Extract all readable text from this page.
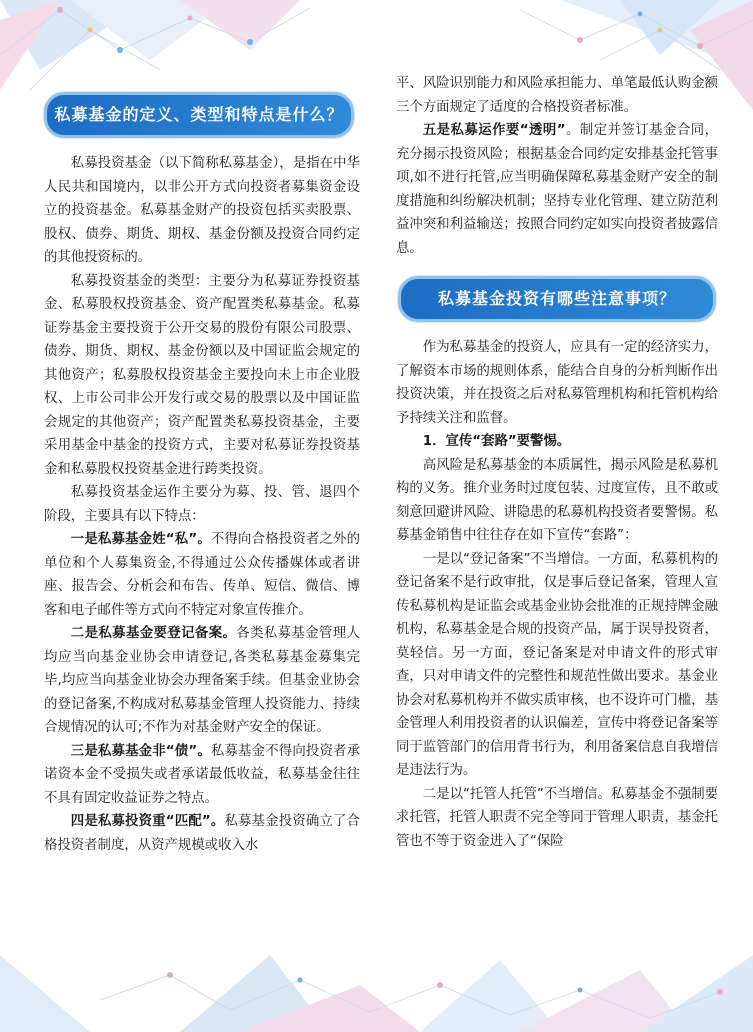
私募基金的定义、类型和特点是什么？

私募投资基金（以下简称私募基金），是指在中华人民共和国境内，以非公开方式向投资者募集资金设立的投资基金。私募基金财产的投资包括买卖股票、股权、债券、期货、期权、基金份额及投资合同约定的其他投资标的。

私募投资基金的类型：主要分为私募证券投资基金、私募股权投资基金、资产配置类私募基金。私募证券基金主要投资于公开交易的股份有限公司股票、债券、期货、期权、基金份额以及中国证监会规定的其他资产；私募股权投资基金主要投向未上市企业股权、上市公司非公开发行或交易的股票以及中国证监会规定的其他资产；资产配置类私募投资基金，主要采用基金中基金的投资方式，主要对私募证券投资基金和私募股权投资基金进行跨类投资。

私募投资基金运作主要分为募、投、管、退四个阶段，主要具有以下特点：

一是私募基金姓“私”。不得向合格投资者之外的单位和个人募集资金,不得通过公众传播媒体或者讲座、报告会、分析会和布告、传单、短信、微信、博客和电子邮件等方式向不特定对象宣传推介。

二是私募基金要登记备案。各类私募基金管理人均应当向基金业协会申请登记,各类私募基金募集完毕,均应当向基金业协会办理备案手续。但基金业协会的登记备案,不构成对私募基金管理人投资能力、持续合规情况的认可;不作为对基金财产安全的保证。

三是私募基金非“债”。私募基金不得向投资者承诺资本金不受损失或者承诺最低收益，私募基金往往不具有固定收益证券之特点。

四是私募投资重“匹配”。私募基金投资确立了合格投资者制度，从资产规模或收入水

平、风险识别能力和风险承担能力、单笔最低认购金额三个方面规定了适度的合格投资者标准。

五是私募运作要“透明”。制定并签订基金合同，充分揭示投资风险；根据基金合同约定安排基金托管事项,如不进行托管,应当明确保障私募基金财产安全的制度措施和纠纷解决机制；坚持专业化管理、建立防范利益冲突和利益输送；按照合同约定如实向投资者披露信息。

私募基金投资有哪些注意事项？

作为私募基金的投资人，应具有一定的经济实力，了解资本市场的规则体系，能结合自身的分析判断作出投资决策，并在投资之后对私募管理机构和托管机构给予持续关注和监督。

1．宣传“套路”要警惕。

高风险是私募基金的本质属性，揭示风险是私募机构的义务。推介业务时过度包装、过度宣传，且不敢或刻意回避讲风险、讲隐患的私募机构投资者要警惕。私募基金销售中往往存在如下宣传“套路”：

一是以“登记备案”不当增信。一方面，私募机构的登记备案不是行政审批，仅是事后登记备案，管理人宣传私募机构是证监会或基金业协会批准的正规持牌金融机构，私募基金是合规的投资产品，属于误导投资者，莫轻信。另一方面，登记备案是对申请文件的形式审查，只对申请文件的完整性和规范性做出要求。基金业协会对私募机构并不做实质审核，也不设许可门槛，基金管理人利用投资者的认识偏差，宣传中将登记备案等同于监管部门的信用背书行为，利用备案信息自我增信是违法行为。

二是以“托管人托管”不当增信。私募基金不强制要求托管，托管人职责不完全等同于管理人职责，基金托管也不等于资金进入了“保险
